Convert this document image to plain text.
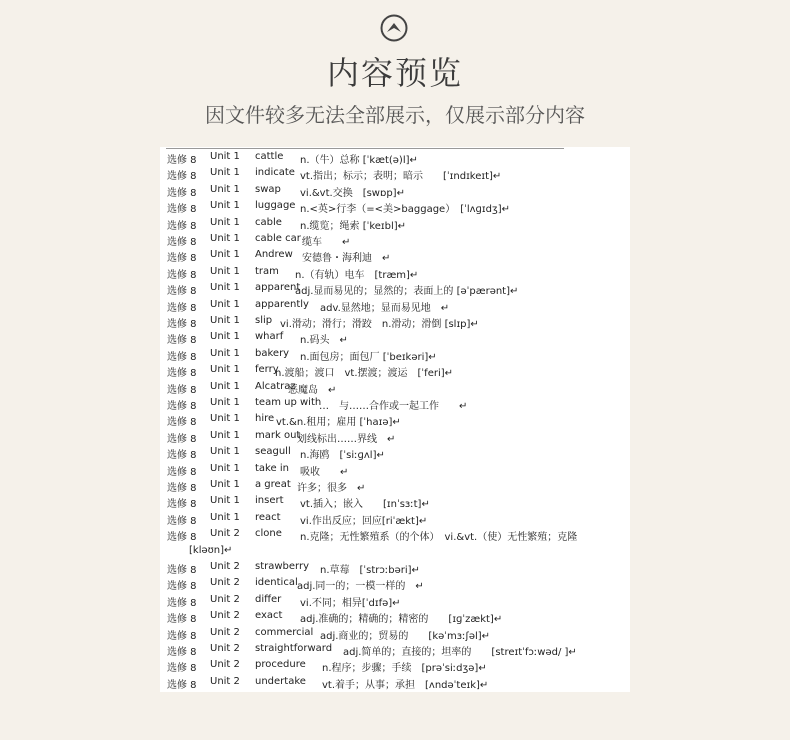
内容预览
因文件较多无法全部展示，仅展示部分内容
选修 8 Unit 1 cattle n.（牛）总称 [ˈkæt(ə)l]↵
选修 8 Unit 1 indicate vt.指出；标示；表明；暗示　　[ˈɪndɪkeɪt]↵
选修 8 Unit 1 swap vi.&vt.交换　[swɒp]↵
选修 8 Unit 1 luggage n.<英>行李（=<美>baggage）　[ˈlʌɡɪdʒ]↵
选修 8 Unit 1 cable n.缆览；绳索 [ˈkeɪbl]↵
选修 8 Unit 1 cable car 缆车　　↵
选修 8 Unit 1 Andrew 安德鲁・海利迪　↵
选修 8 Unit 1 tram n.（有轨）电车　[træm]↵
选修 8 Unit 1 apparent
adj.显而易见的；显然的；表面上的 [əˈpærənt]↵
选修 8 Unit 1 apparently adv.显然地；显而易见地　↵
选修 8 Unit 1 slip vi.滑动；滑行；滑跤　n.滑动；滑倒 [slɪp]↵
选修 8 Unit 1 wharf n.码头　↵
选修 8 Unit 1 bakery n.面包房；面包厂 [ˈbeɪkəri]↵
选修 8 Unit 1 ferry
n.渡船；渡口　vt.摆渡；渡运　[ˈferi]↵
选修 8 Unit 1 Alcatraz
恶魔岛　↵
选修 8 Unit 1 team up with
…　与……合作或一起工作　　↵
选修 8 Unit 1 hire vt.&n.租用；雇用 [ˈhaɪə]↵
选修 8 Unit 1 mark out
划线标出……界线　↵
选修 8 Unit 1 seagull n.海鸥　[ˈsiːɡʌl]↵
选修 8 Unit 1 take in 吸收　　↵
选修 8 Unit 1 a great 许多；很多　↵
选修 8 Unit 1 insert vt.插入；嵌入　　[ɪnˈsɜːt]↵
选修 8 Unit 1 react vi.作出反应；回应[riˈækt]↵
选修 8 Unit 2 clone n.克隆；无性繁殖系（的个体）　vi.&vt.（使）无性繁殖；克隆
[kləʊn]↵
选修 8 Unit 2 strawberry n.草莓　[ˈstrɔːbəri]↵
选修 8 Unit 2 identical adj.同一的；一模一样的　↵
选修 8 Unit 2 differ vi.不同；相异[ˈdɪfə]↵
选修 8 Unit 2 exact adj.准确的；精确的；精密的　　[ɪɡˈzækt]↵
选修 8 Unit 2 commercial adj.商业的；贸易的　　[kəˈmɜːʃəl]↵
选修 8 Unit 2 straightforward adj.简单的；直接的；坦率的　　[streɪtˈfɔːwəd/ ]↵
选修 8 Unit 2 procedure n.程序；步骤；手续　[prəˈsiːdʒə]↵
选修 8 Unit 2 undertake vt.着手；从事；承担　[ʌndəˈteɪk]↵
